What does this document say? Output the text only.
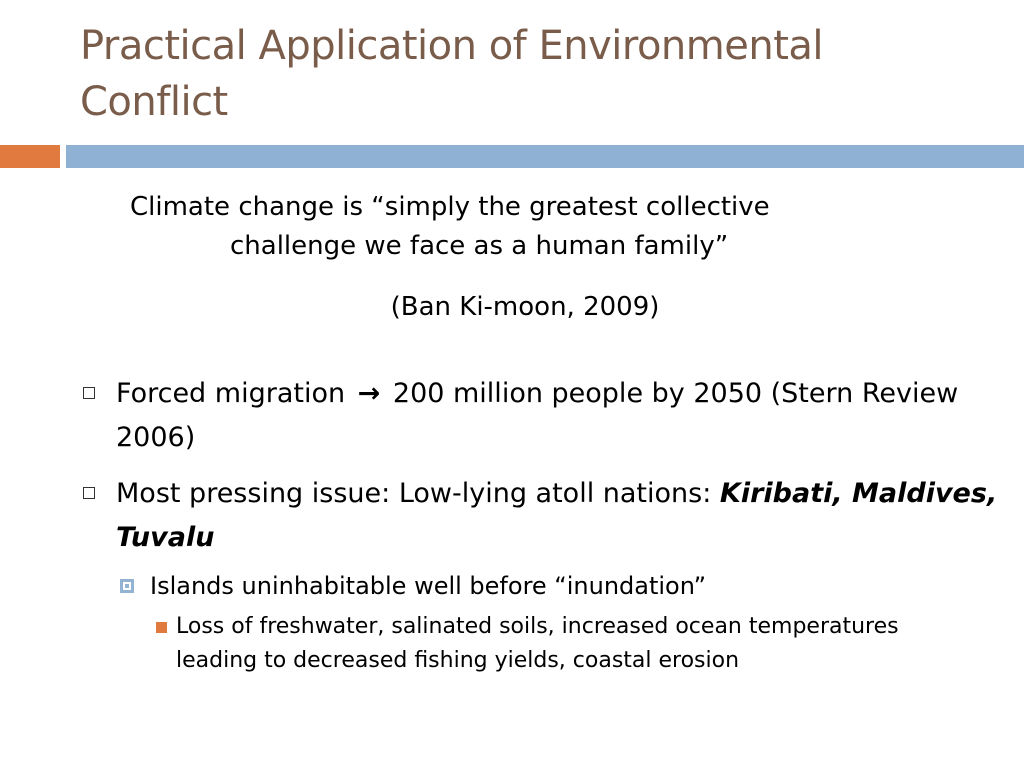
Practical Application of Environmental Conflict
Climate change is “simply the greatest collective
challenge we face as a human family”
(Ban Ki-moon, 2009)
Forced migration → 200 million people by 2050 (Stern Review 2006)
Most pressing issue: Low-lying atoll nations: Kiribati, Maldives, Tuvalu
Islands uninhabitable well before “inundation”
Loss of freshwater, salinated soils, increased ocean temperatures leading to decreased fishing yields, coastal erosion
